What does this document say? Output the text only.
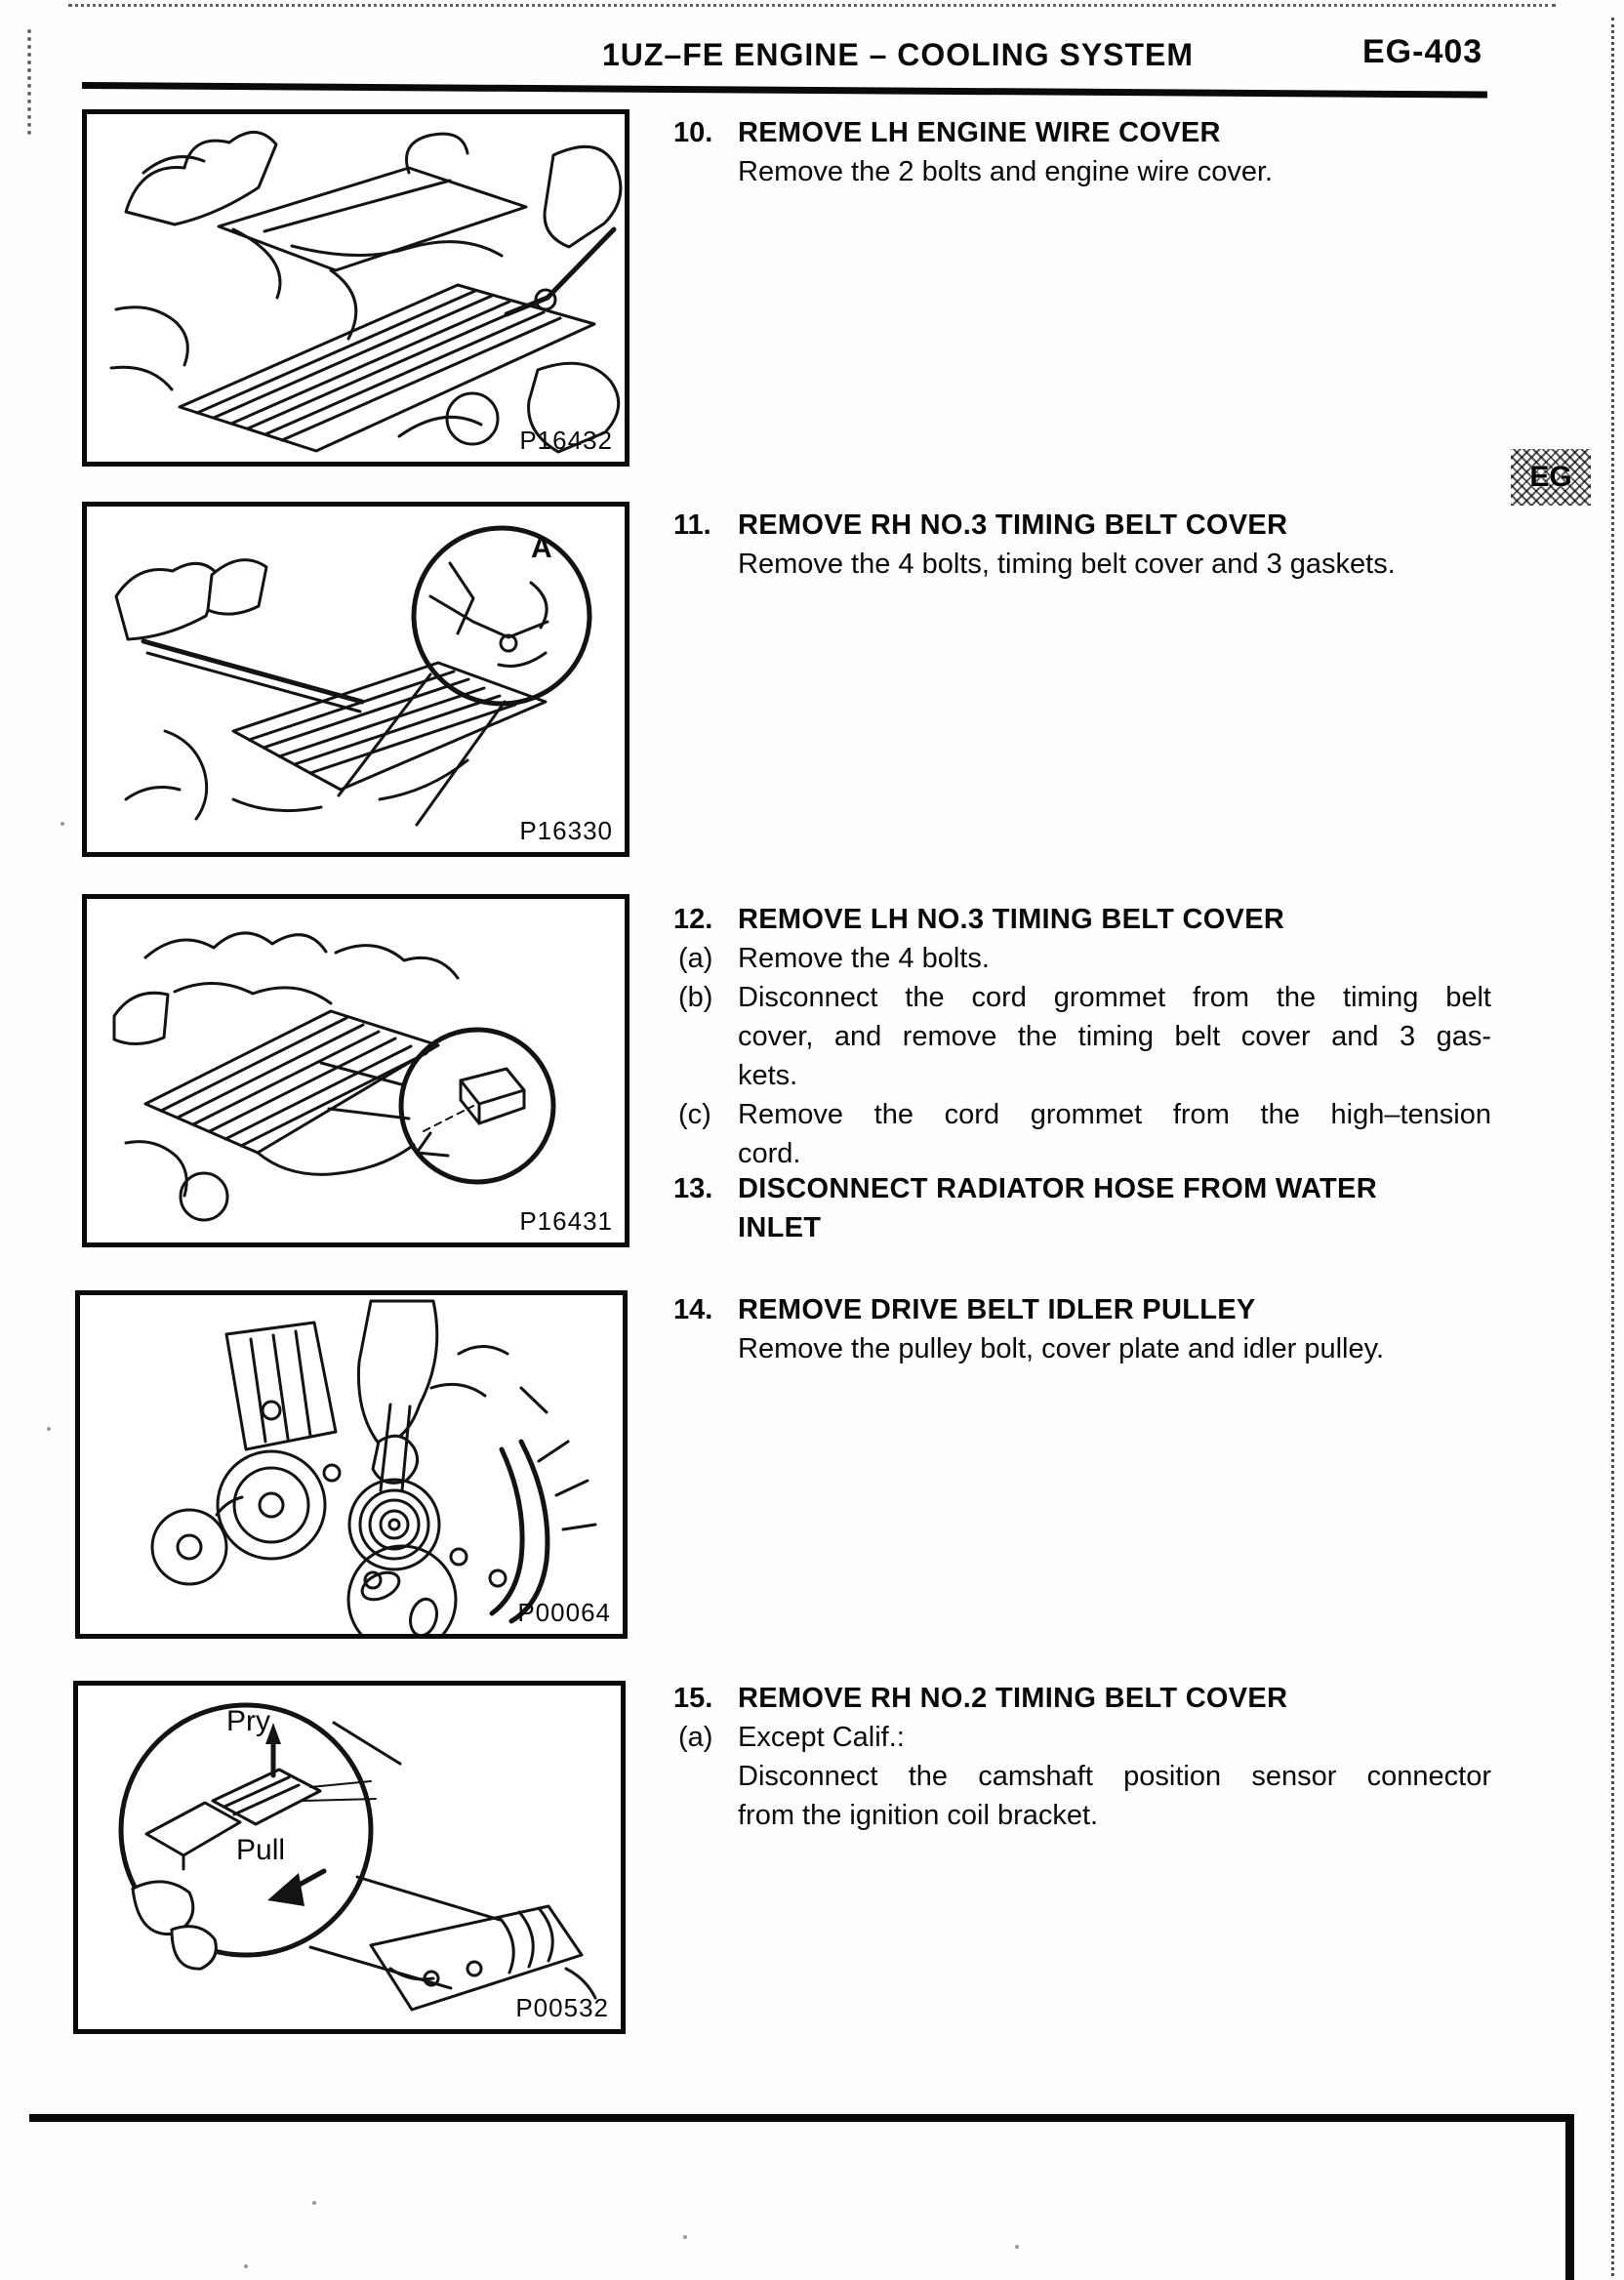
1UZ–FE ENGINE – COOLING SYSTEM	EG-403
EG
P16432
A
P16330
P16431
P00064
Pry
Pull
P00532
10. REMOVE LH ENGINE WIRE COVER
Remove the 2 bolts and engine wire cover.
11. REMOVE RH NO.3 TIMING BELT COVER
Remove the 4 bolts, timing belt cover and 3 gaskets.
12. REMOVE LH NO.3 TIMING BELT COVER
(a) Remove the 4 bolts.
(b) Disconnect the cord grommet from the timing belt
cover, and remove the timing belt cover and 3 gas-
kets.
(c) Remove the cord grommet from the high–tension
cord.
13. DISCONNECT RADIATOR HOSE FROM WATER
INLET
14. REMOVE DRIVE BELT IDLER PULLEY
Remove the pulley bolt, cover plate and idler pulley.
15. REMOVE RH NO.2 TIMING BELT COVER
(a) Except Calif.:
Disconnect the camshaft position sensor connector
from the ignition coil bracket.
